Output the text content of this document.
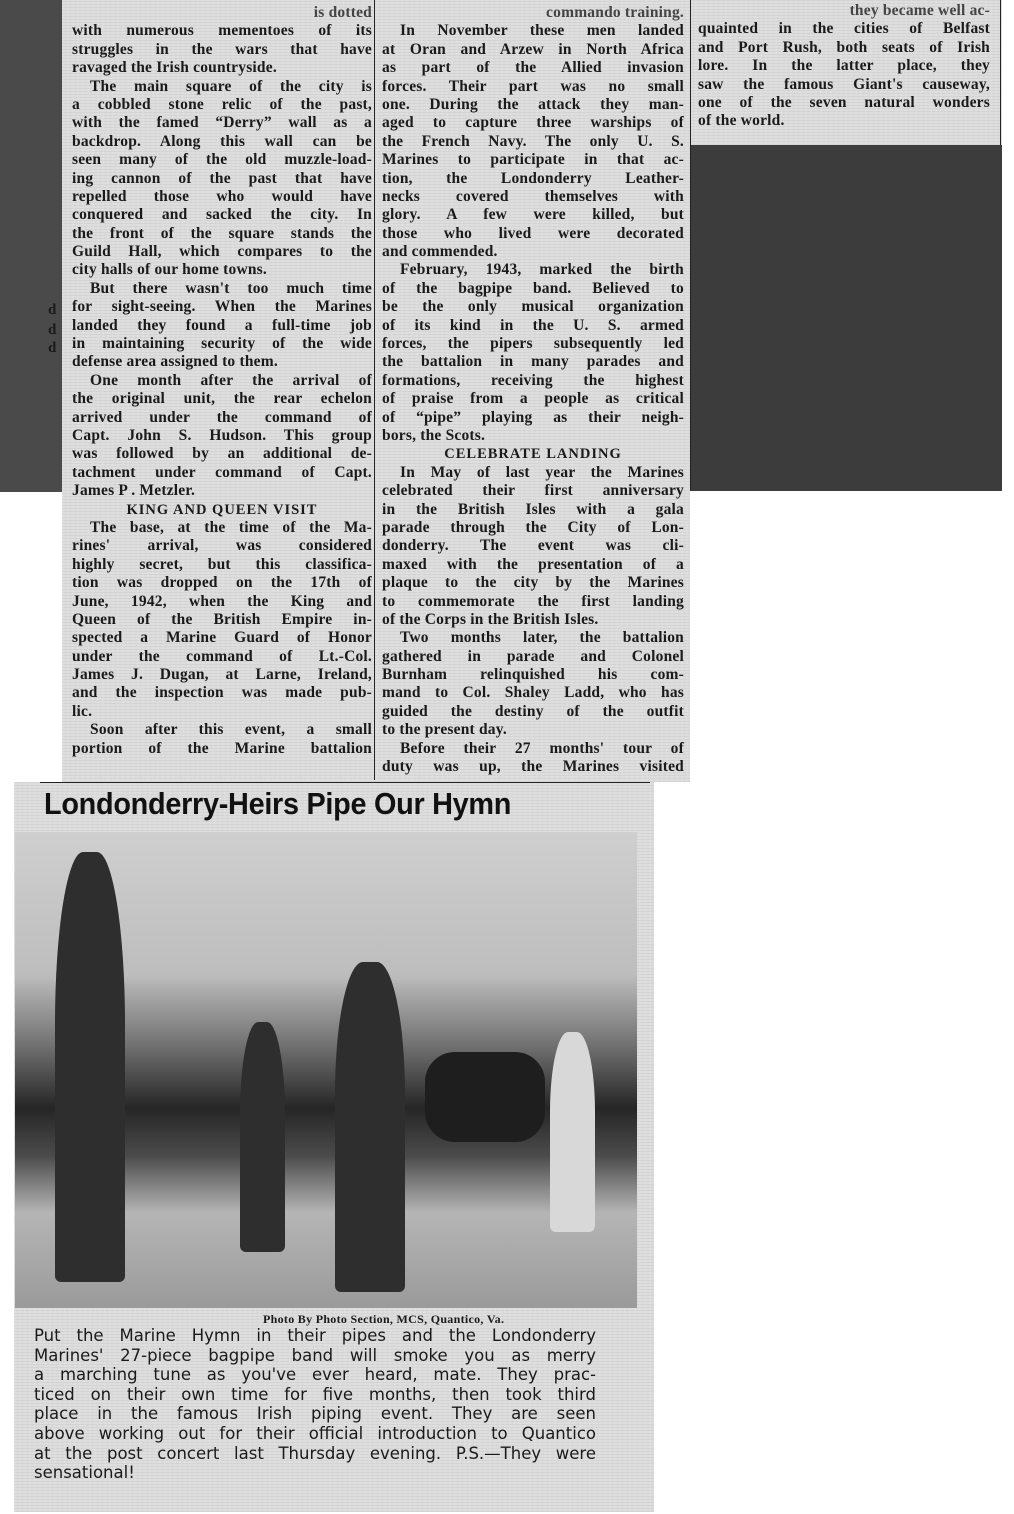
is dotted
with numerous mementoes of its
struggles in the wars that have
ravaged the Irish countryside.
The main square of the city is
a cobbled stone relic of the past,
with the famed “Derry” wall as a
backdrop. Along this wall can be
seen many of the old muzzle-load-
ing cannon of the past that have
repelled those who would have
conquered and sacked the city. In
the front of the square stands the
Guild Hall, which compares to the
city halls of our home towns.
But there wasn't too much time
for sight-seeing. When the Marines
landed they found a full-time job
in maintaining security of the wide
defense area assigned to them.
One month after the arrival of
the original unit, the rear echelon
arrived under the command of
Capt. John S. Hudson. This group
was followed by an additional de-
tachment under command of Capt.
James P . Metzler.
KING AND QUEEN VISIT
The base, at the time of the Ma-
rines' arrival, was considered
highly secret, but this classifica-
tion was dropped on the 17th of
June, 1942, when the King and
Queen of the British Empire in-
spected a Marine Guard of Honor
under the command of Lt.-Col.
James J. Dugan, at Larne, Ireland,
and the inspection was made pub-
lic.
Soon after this event, a small
portion of the Marine battalion
commando training.
In November these men landed
at Oran and Arzew in North Africa
as part of the Allied invasion
forces. Their part was no small
one. During the attack they man-
aged to capture three warships of
the French Navy. The only U. S.
Marines to participate in that ac-
tion, the Londonderry Leather-
necks covered themselves with
glory. A few were killed, but
those who lived were decorated
and commended.
February, 1943, marked the birth
of the bagpipe band. Believed to
be the only musical organization
of its kind in the U. S. armed
forces, the pipers subsequently led
the battalion in many parades and
formations, receiving the highest
of praise from a people as critical
of “pipe” playing as their neigh-
bors, the Scots.
CELEBRATE LANDING
In May of last year the Marines
celebrated their first anniversary
in the British Isles with a gala
parade through the City of Lon-
donderry. The event was cli-
maxed with the presentation of a
plaque to the city by the Marines
to commemorate the first landing
of the Corps in the British Isles.
Two months later, the battalion
gathered in parade and Colonel
Burnham relinquished his com-
mand to Col. Shaley Ladd, who has
guided the destiny of the outfit
to the present day.
Before their 27 months' tour of
duty was up, the Marines visited
they became well ac-
quainted in the cities of Belfast
and Port Rush, both seats of Irish
lore. In the latter place, they
saw the famous Giant's causeway,
one of the seven natural wonders
of the world.
d
d
d
Londonderry-Heirs Pipe Our Hymn
Photo By Photo Section, MCS, Quantico, Va.
Put the Marine Hymn in their pipes and the Londonderry
Marines' 27-piece bagpipe band will smoke you as merry
a marching tune as you've ever heard, mate. They prac-
ticed on their own time for five months, then took third
place in the famous Irish piping event. They are seen
above working out for their official introduction to Quantico
at the post concert last Thursday evening. P.S.—They were
sensational!
